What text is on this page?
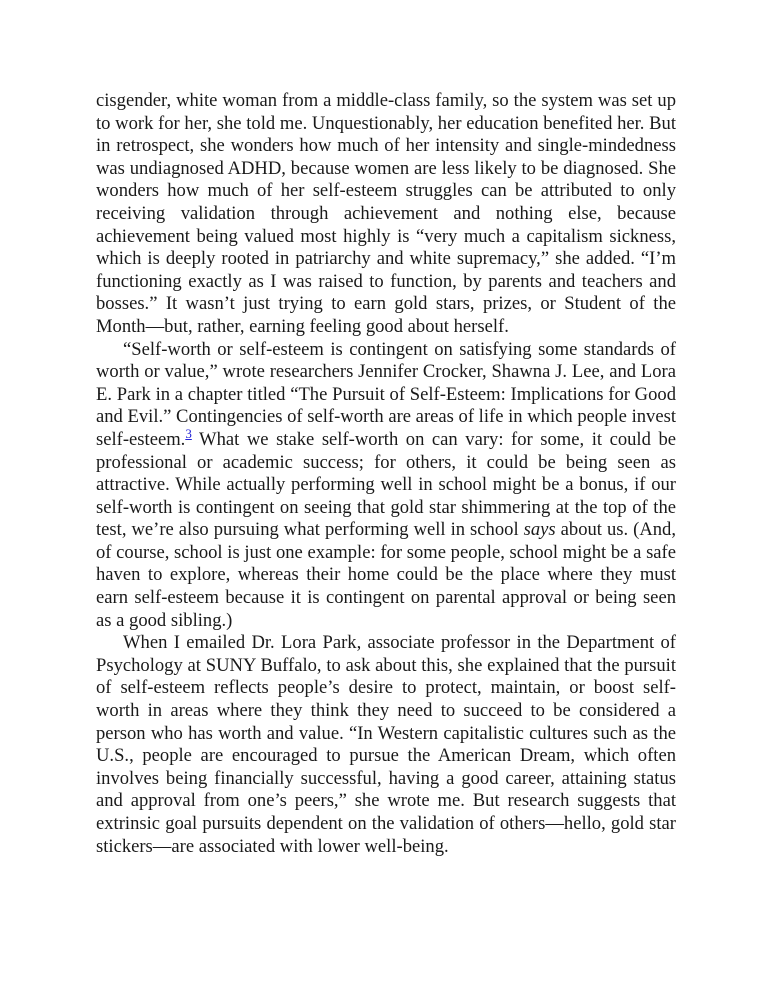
cisgender, white woman from a middle-class family, so the system was set up to work for her, she told me. Unquestionably, her education benefited her. But in retrospect, she wonders how much of her intensity and single-mindedness was undiagnosed ADHD, because women are less likely to be diagnosed. She wonders how much of her self-esteem struggles can be attributed to only receiving validation through achievement and nothing else, because achievement being valued most highly is “very much a capitalism sickness, which is deeply rooted in patriarchy and white supremacy,” she added. “I’m functioning exactly as I was raised to function, by parents and teachers and bosses.” It wasn’t just trying to earn gold stars, prizes, or Student of the Month—but, rather, earning feeling good about herself.

“Self-worth or self-esteem is contingent on satisfying some standards of worth or value,” wrote researchers Jennifer Crocker, Shawna J. Lee, and Lora E. Park in a chapter titled “The Pursuit of Self-Esteem: Implications for Good and Evil.” Contingencies of self-worth are areas of life in which people invest self-esteem.$^3$ What we stake self-worth on can vary: for some, it could be professional or academic success; for others, it could be being seen as attractive. While actually performing well in school might be a bonus, if our self-worth is contingent on seeing that gold star shimmering at the top of the test, we’re also pursuing what performing well in school says about us. (And, of course, school is just one example: for some people, school might be a safe haven to explore, whereas their home could be the place where they must earn self-esteem because it is contingent on parental approval or being seen as a good sibling.)

When I emailed Dr. Lora Park, associate professor in the Department of Psychology at SUNY Buffalo, to ask about this, she explained that the pursuit of self-esteem reflects people’s desire to protect, maintain, or boost self-worth in areas where they think they need to succeed to be considered a person who has worth and value. “In Western capitalistic cultures such as the U.S., people are encouraged to pursue the American Dream, which often involves being financially successful, having a good career, attaining status and approval from one’s peers,” she wrote me. But research suggests that extrinsic goal pursuits dependent on the validation of others—hello, gold star stickers—are associated with lower well-being.
